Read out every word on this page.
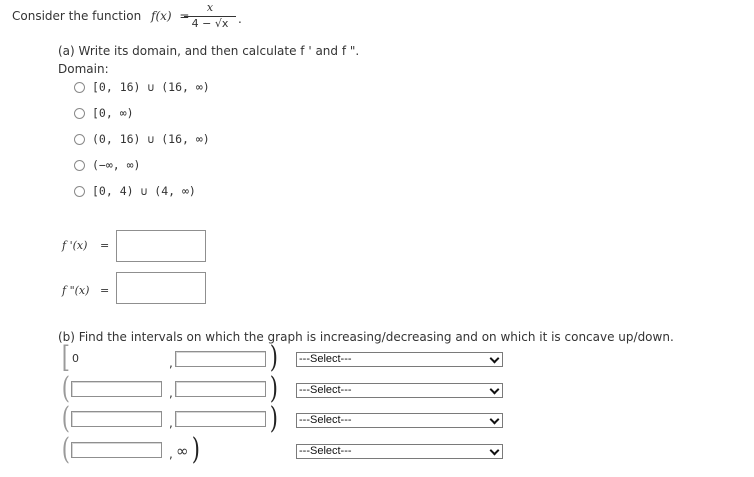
Consider the function f(x) =
x
4 − √x .
(a) Write its domain, and then calculate f ' and f ".
Domain:
[0, 16) ∪ (16, ∞)
[0, ∞)
(0, 16) ∪ (16, ∞)
(−∞, ∞)
[0, 4) ∪ (4, ∞)
f '(x) =
f "(x) =
(b) Find the intervals on which the graph is increasing/decreasing and on which it is concave up/down.
[ 0	,	) ---Select---
(	,	) ---Select---
(	,	) ---Select---
(	, ∞ )	---Select---
